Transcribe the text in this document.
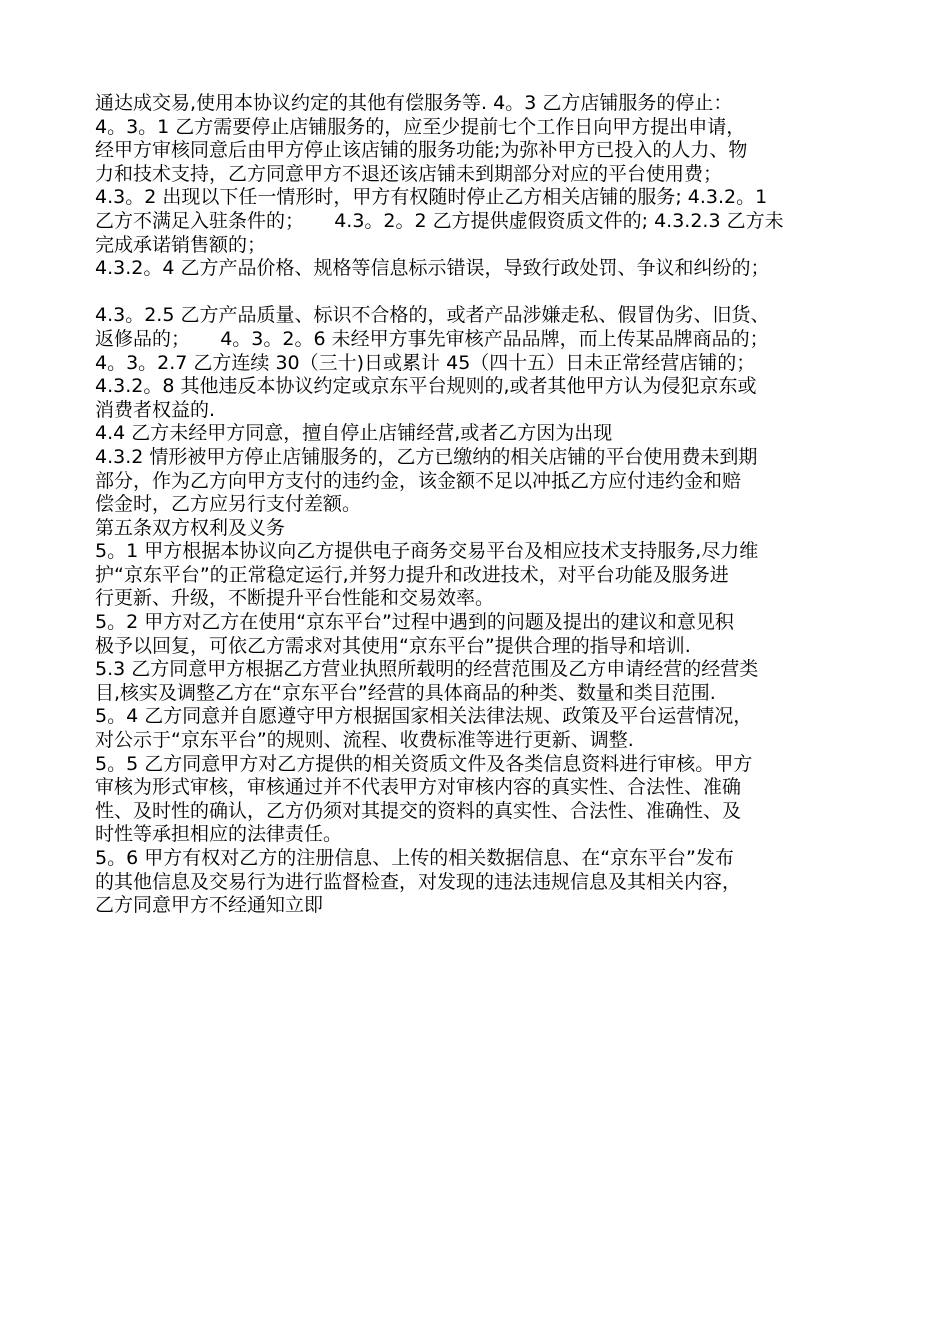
通达成交易,使用本协议约定的其他有偿服务等. 4。3 乙方店铺服务的停止：
4。3。1 乙方需要停止店铺服务的，应至少提前七个工作日向甲方提出申请，
经甲方审核同意后由甲方停止该店铺的服务功能;为弥补甲方已投入的人力、物
力和技术支持，乙方同意甲方不退还该店铺未到期部分对应的平台使用费；
4.3。2 出现以下任一情形时，甲方有权随时停止乙方相关店铺的服务; 4.3.2。1
乙方不满足入驻条件的；     4.3。2。2 乙方提供虚假资质文件的; 4.3.2.3 乙方未
完成承诺销售额的；
4.3.2。4 乙方产品价格、规格等信息标示错误，导致行政处罚、争议和纠纷的；
4.3。2.5 乙方产品质量、标识不合格的，或者产品涉嫌走私、假冒伪劣、旧货、
返修品的；     4。3。2。6 未经甲方事先审核产品品牌，而上传某品牌商品的；
4。3。2.7 乙方连续 30（三十)日或累计 45（四十五）日未正常经营店铺的；
4.3.2。8 其他违反本协议约定或京东平台规则的,或者其他甲方认为侵犯京东或
消费者权益的.
4.4 乙方未经甲方同意，擅自停止店铺经营,或者乙方因为出现
4.3.2 情形被甲方停止店铺服务的，乙方已缴纳的相关店铺的平台使用费未到期
部分，作为乙方向甲方支付的违约金，该金额不足以冲抵乙方应付违约金和赔
偿金时，乙方应另行支付差额。
第五条双方权利及义务
5。1 甲方根据本协议向乙方提供电子商务交易平台及相应技术支持服务,尽力维
护“京东平台”的正常稳定运行,并努力提升和改进技术，对平台功能及服务进
行更新、升级，不断提升平台性能和交易效率。
5。2 甲方对乙方在使用“京东平台”过程中遇到的问题及提出的建议和意见积
极予以回复，可依乙方需求对其使用“京东平台”提供合理的指导和培训.
5.3 乙方同意甲方根据乙方营业执照所载明的经营范围及乙方申请经营的经营类
目,核实及调整乙方在“京东平台”经营的具体商品的种类、数量和类目范围.
5。4 乙方同意并自愿遵守甲方根据国家相关法律法规、政策及平台运营情况，
对公示于“京东平台”的规则、流程、收费标准等进行更新、调整.
5。5 乙方同意甲方对乙方提供的相关资质文件及各类信息资料进行审核。甲方
审核为形式审核，审核通过并不代表甲方对审核内容的真实性、合法性、准确
性、及时性的确认，乙方仍须对其提交的资料的真实性、合法性、准确性、及
时性等承担相应的法律责任。
5。6 甲方有权对乙方的注册信息、上传的相关数据信息、在“京东平台”发布
的其他信息及交易行为进行监督检查，对发现的违法违规信息及其相关内容，
乙方同意甲方不经通知立即
